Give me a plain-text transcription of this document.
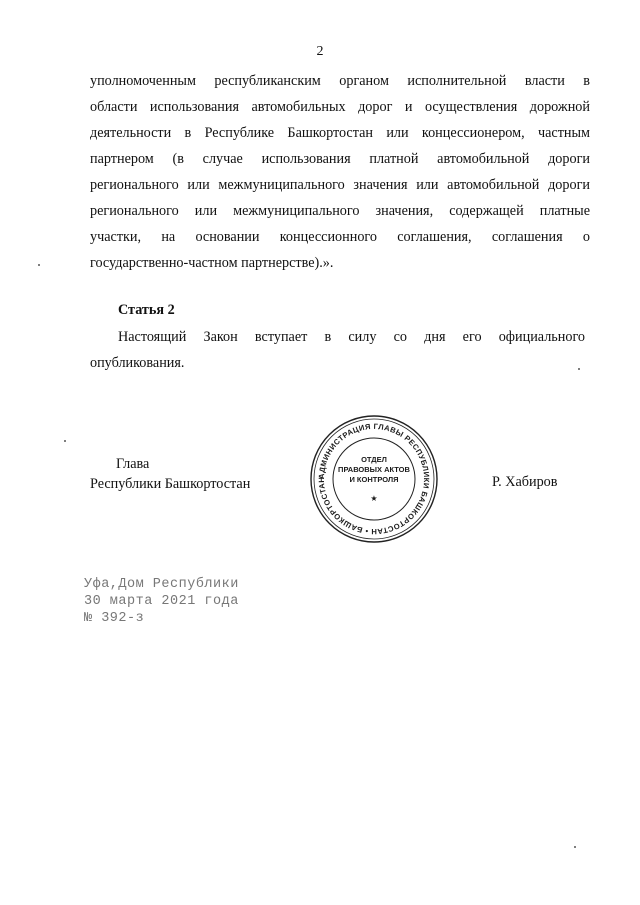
2
уполномоченным республиканским органом исполнительной власти в
области использования автомобильных дорог и осуществления дорожной
деятельности в Республике Башкортостан или концессионером, частным
партнером (в случае использования платной автомобильной дороги
регионального или межмуниципального значения или автомобильной дороги
регионального или межмуниципального значения, содержащей платные
участки, на основании концессионного соглашения, соглашения о
государственно-частном партнерстве).».
Статья 2
Настоящий Закон вступает в силу со дня его официального
опубликования.
Глава
Республики Башкортостан
АДМИНИСТРАЦИЯ ГЛАВЫ РЕСПУБЛИКИ БАШКОРТОСТАН • БАШКОРТОСТАН
ОТДЕЛ
ПРАВОВЫХ АКТОВ
И КОНТРОЛЯ
★
Р. Хабиров
Уфа,Дом Республики
30 марта 2021 года
№ 392-з
